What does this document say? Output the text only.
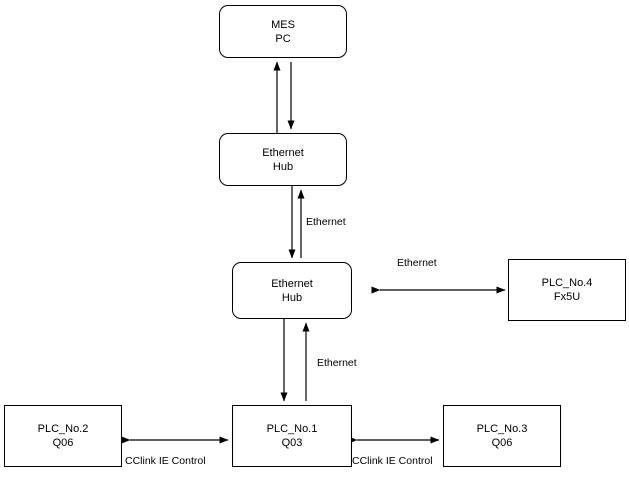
MES
PC
Ethernet
Hub
Ethernet
Hub
PLC_No.4
Fx5U
PLC_No.2
Q06
PLC_No.1
Q03
PLC_No.3
Q06
Ethernet
Ethernet
Ethernet
CClink IE Control	CClink IE Control
